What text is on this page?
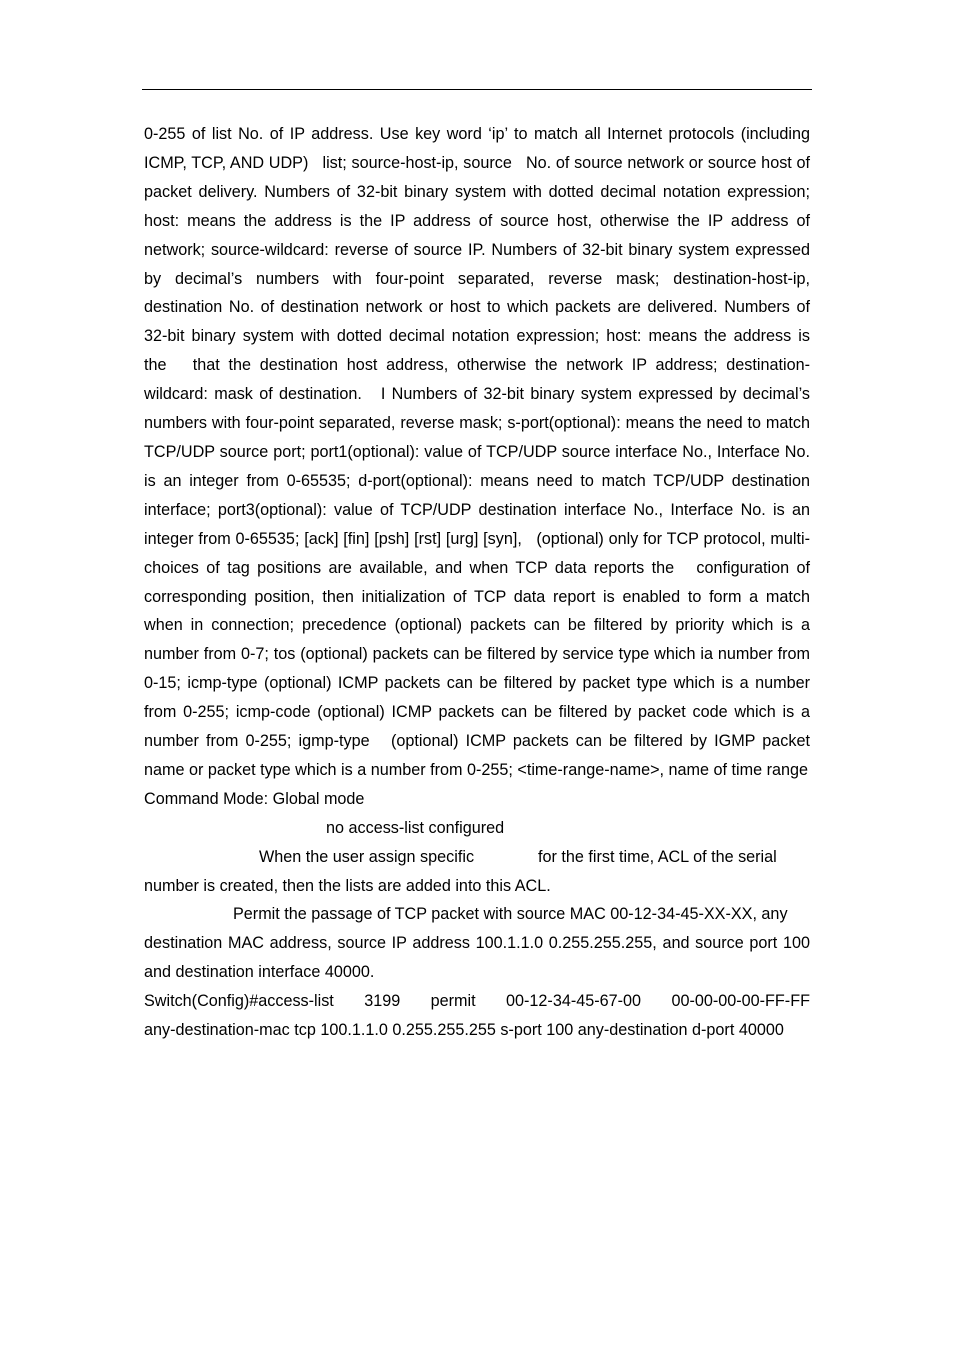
0-255 of list No. of IP address. Use key word ‘ip’ to match all Internet protocols (including ICMP, TCP, AND UDP)   list; source-host-ip, source   No. of source network or source host of packet delivery. Numbers of 32-bit binary system with dotted decimal notation expression; host: means the address is the IP address of source host, otherwise the IP address of network; source-wildcard: reverse of source IP. Numbers of 32-bit binary system expressed by decimal’s numbers with four-point separated, reverse mask; destination-host-ip, destination No. of destination network or host to which packets are delivered. Numbers of 32-bit binary system with dotted decimal notation expression; host: means the address is the   that the destination host address, otherwise the network IP address; destination-wildcard: mask of destination.   I Numbers of 32-bit binary system expressed by decimal’s numbers with four-point separated, reverse mask; s-port(optional): means the need to match TCP/UDP source port; port1(optional): value of TCP/UDP source interface No., Interface No. is an integer from 0-65535; d-port(optional): means need to match TCP/UDP destination interface; port3(optional): value of TCP/UDP destination interface No., Interface No. is an integer from 0-65535; [ack] [fin] [psh] [rst] [urg] [syn],   (optional) only for TCP protocol, multi-choices of tag positions are available, and when TCP data reports the   configuration of corresponding position, then initialization of TCP data report is enabled to form a match when in connection; precedence (optional) packets can be filtered by priority which is a number from 0-7; tos (optional) packets can be filtered by service type which ia number from 0-15; icmp-type (optional) ICMP packets can be filtered by packet type which is a number from 0-255; icmp-code (optional) ICMP packets can be filtered by packet code which is a number from 0-255; igmp-type   (optional) ICMP packets can be filtered by IGMP packet name or packet type which is a number from 0-255; <time-range-name>, name of time range

Command Mode: Global mode

no access-list configured

When the user assign specific	for the first time, ACL of the serial

number is created, then the lists are added into this ACL.

Permit the passage of TCP packet with source MAC 00-12-34-45-XX-XX, any

destination MAC address, source IP address 100.1.1.0 0.255.255.255, and source port 100 and destination interface 40000.

Switch(Config)#access-list 3199 permit 00-12-34-45-67-00 00-00-00-00-FF-FF

any-destination-mac tcp 100.1.1.0 0.255.255.255 s-port 100 any-destination d-port 40000
